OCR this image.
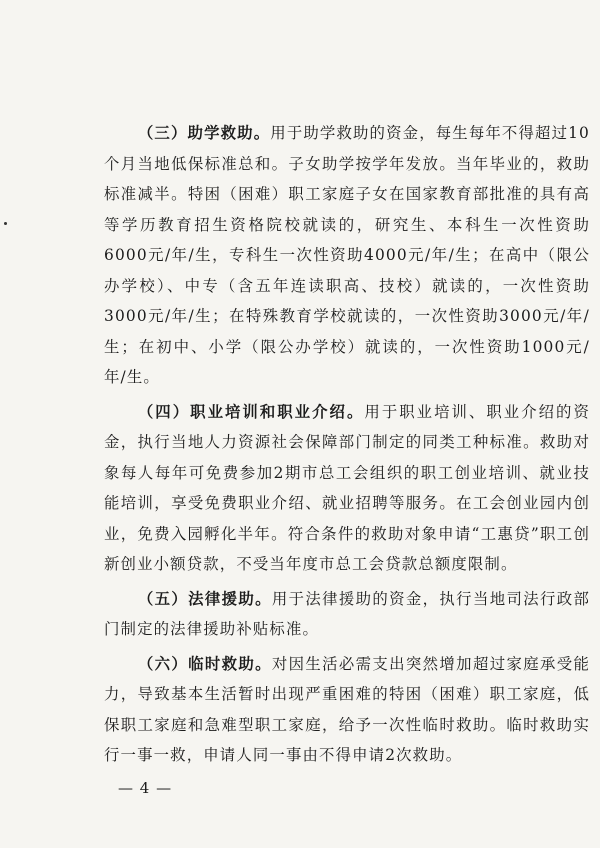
（三）助学救助。用于助学救助的资金，每生每年不得超过10个月当地低保标准总和。子女助学按学年发放。当年毕业的，救助标准减半。特困（困难）职工家庭子女在国家教育部批准的具有高等学历教育招生资格院校就读的，研究生、本科生一次性资助6000元/年/生，专科生一次性资助4000元/年/生；在高中（限公办学校）、中专（含五年连读职高、技校）就读的，一次性资助3000元/年/生；在特殊教育学校就读的，一次性资助3000元/年/生；在初中、小学（限公办学校）就读的，一次性资助1000元/年/生。

（四）职业培训和职业介绍。用于职业培训、职业介绍的资金，执行当地人力资源社会保障部门制定的同类工种标准。救助对象每人每年可免费参加2期市总工会组织的职工创业培训、就业技能培训，享受免费职业介绍、就业招聘等服务。在工会创业园内创业，免费入园孵化半年。符合条件的救助对象申请“工惠贷”职工创新创业小额贷款，不受当年度市总工会贷款总额度限制。

（五）法律援助。用于法律援助的资金，执行当地司法行政部门制定的法律援助补贴标准。

（六）临时救助。对因生活必需支出突然增加超过家庭承受能力，导致基本生活暂时出现严重困难的特困（困难）职工家庭，低保职工家庭和急难型职工家庭，给予一次性临时救助。临时救助实行一事一救，申请人同一事由不得申请2次救助。

— 4 —
